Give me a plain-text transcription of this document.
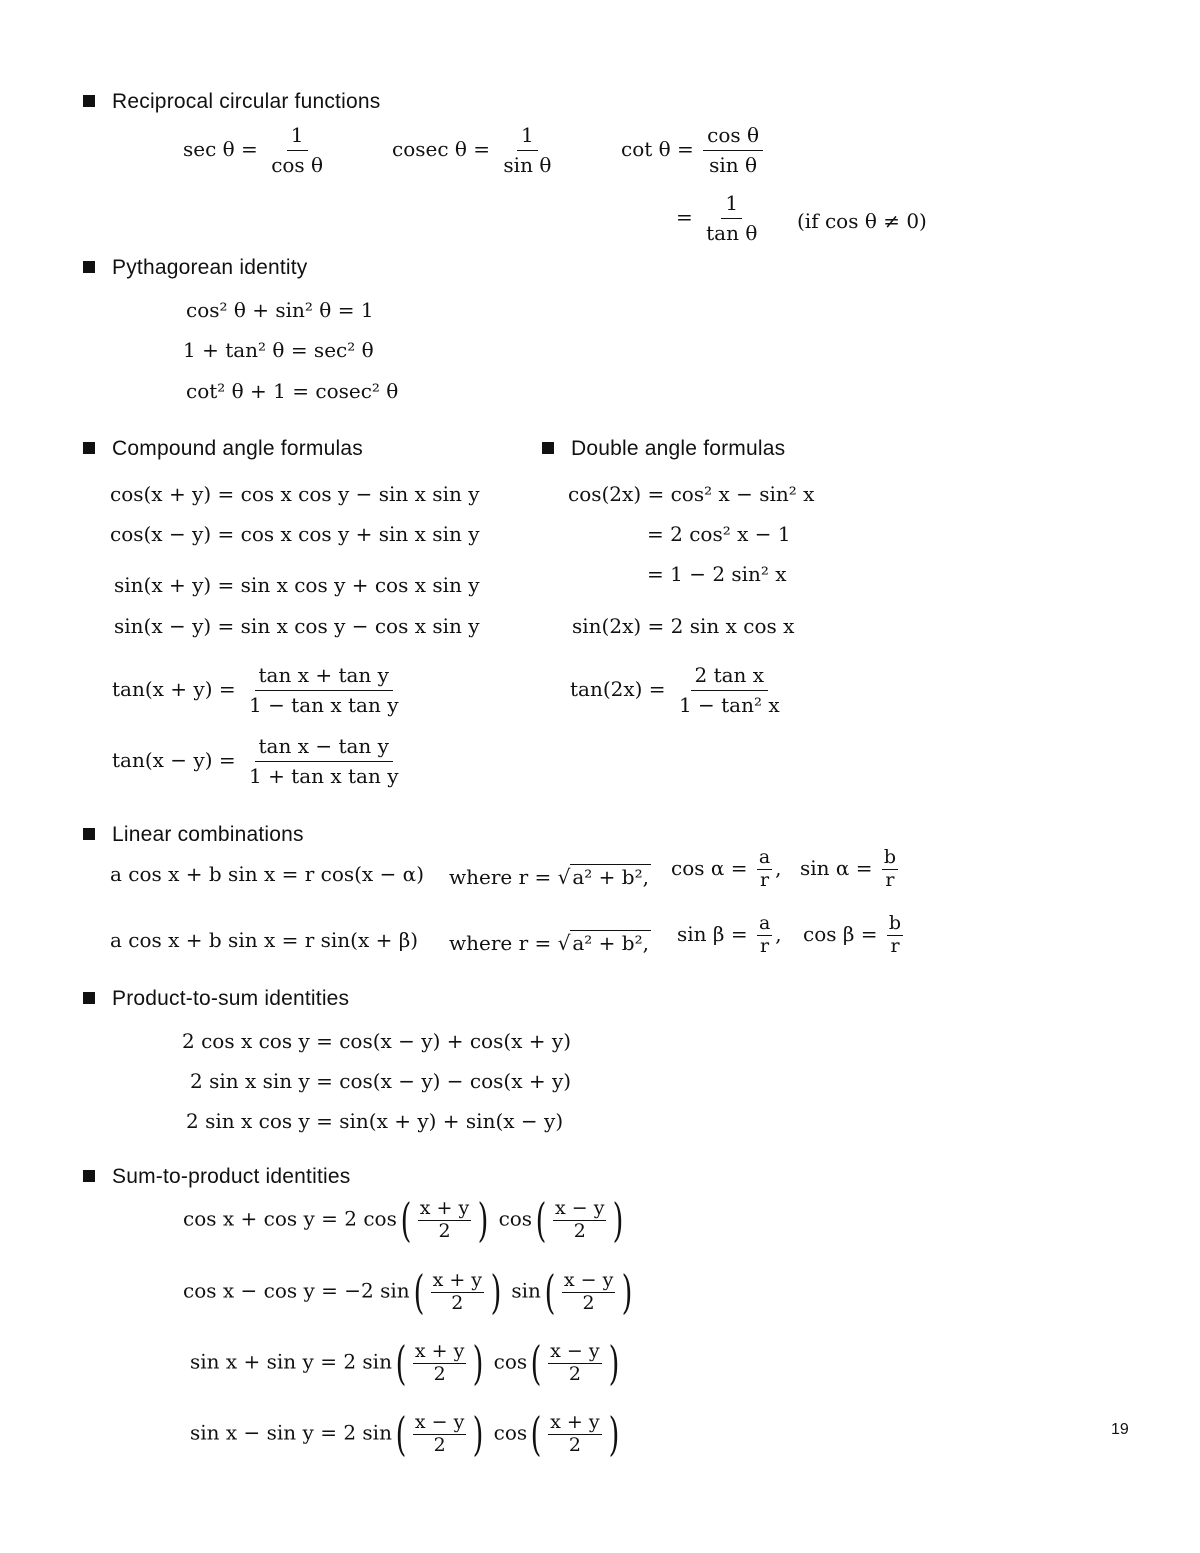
Reciprocal circular functions
Pythagorean identity
Compound angle formulas	Double angle formulas
Linear combinations
Product-to-sum identities
Sum-to-product identities
$\sec \theta = \frac{1}{\text{cos θ}}$	cosec $\theta = \frac{1}{\text{sin θ}}$	$\cot \theta = \frac{\text{cos θ}}{\text{sin θ}}$
= $\frac{1}{\text{tan θ}} (if$ cos θ ≠ 0)
cos² θ + sin² θ = 1
1 + tan² θ = sec² θ
cot² θ + 1 = cosec² θ
cos(x + y) = cos x cos y − sin x sin y
cos(x − y) = cos x cos y + sin x sin y
sin(x + y) = sin x cos y + cos x sin y
sin(x − y) = sin x cos y − cos x sin y
$\tan(x + y) = \frac{\text{tan x + tan y}}{\text{1 − tan x tan y}}$
$\tan(x - y) = \frac{\text{tan x − tan y}}{\text{1 + tan x tan y}}$
cos(2x) = cos² x − sin² x
= 2 cos² x − 1
= 1 − 2 sin² x
sin(2x) = 2 sin x cos x
$\tan(2x) = \frac{\text{2 tan x}}{\text{1 − tan² x}}$
a cos x + b sin x = r cos(x − α) where r = √ a² + b², $\cos \alpha = \frac{a}{r}$ , $\sin \alpha = \frac{b}{r}$
a cos x + b sin x = r sin(x + β) where r = √ a² + b², $\sin \beta = \frac{a}{r}$ , $\cos \beta = \frac{b}{r}$
2 cos x cos y = cos(x − y) + cos(x + y)
2 sin x sin y = cos(x − y) − cos(x + y)
2 sin x cos y = sin(x + y) + sin(x − y)
cos x + cos y = 2 cos ( $\frac{x + y}{2}$ ) cos ( $\frac{x - y}{2}$ )
cos x − cos y = −2 sin ( $\frac{x + y}{2}$ ) sin ( $\frac{x - y}{2}$ )
sin x + sin y = 2 sin ( $\frac{x + y}{2}$ ) cos ( $\frac{x - y}{2}$ )
sin x − sin y = 2 sin ( $\frac{x - y}{2}$ ) cos ( $\frac{x + y}{2}$ )	19
